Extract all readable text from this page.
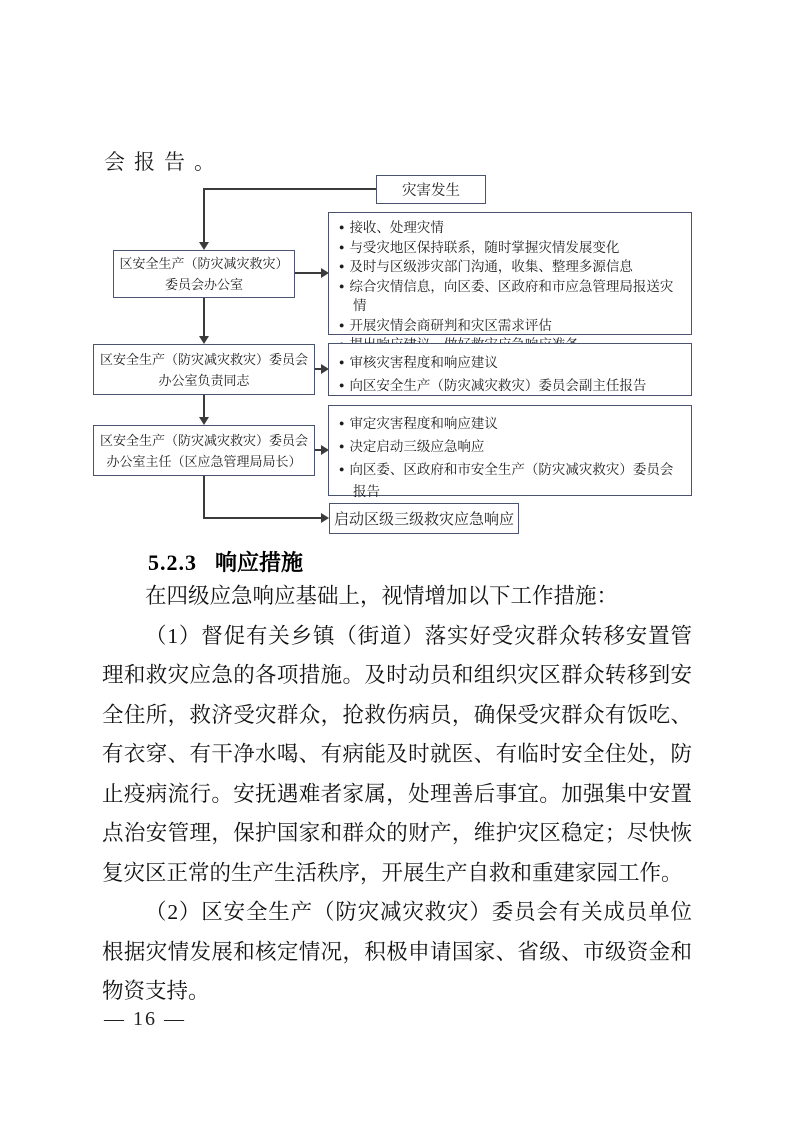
会报告。
灾害发生
区安全生产（防灾减灾救灾）
委员会办公室
● 接收、处理灾情
● 与受灾地区保持联系，随时掌握灾情发展变化
● 及时与区级涉灾部门沟通，收集、整理多源信息
● 综合灾情信息，向区委、区政府和市应急管理局报送灾情
● 开展灾情会商研判和灾区需求评估
●
区安全生产（防灾减灾救灾）委员会
办公室负责同志
● 审核灾害程度和响应建议
● 向区安全生产（防灾减灾救灾）委员会副主任报告
区安全生产（防灾减灾救灾）委员会
办公室主任（区应急管理局局长）
● 审定灾害程度和响应建议
● 决定启动三级应急响应
● 向区委、区政府和市安全生产（防灾减灾救灾）委员会报告
启动区级三级救灾应急响应
5.2.3 响应措施

在四级应急响应基础上，视情增加以下工作措施：

（1）督促有关乡镇（街道）落实好受灾群众转移安置管理和救灾应急的各项措施。及时动员和组织灾区群众转移到安全住所，救济受灾群众，抢救伤病员，确保受灾群众有饭吃、有衣穿、有干净水喝、有病能及时就医、有临时安全住处，防止疫病流行。安抚遇难者家属，处理善后事宜。加强集中安置点治安管理，保护国家和群众的财产，维护灾区稳定；尽快恢复灾区正常的生产生活秩序，开展生产自救和重建家园工作。

（2）区安全生产（防灾减灾救灾）委员会有关成员单位根据灾情发展和核定情况，积极申请国家、省级、市级资金和物资支持。

— 16 —
